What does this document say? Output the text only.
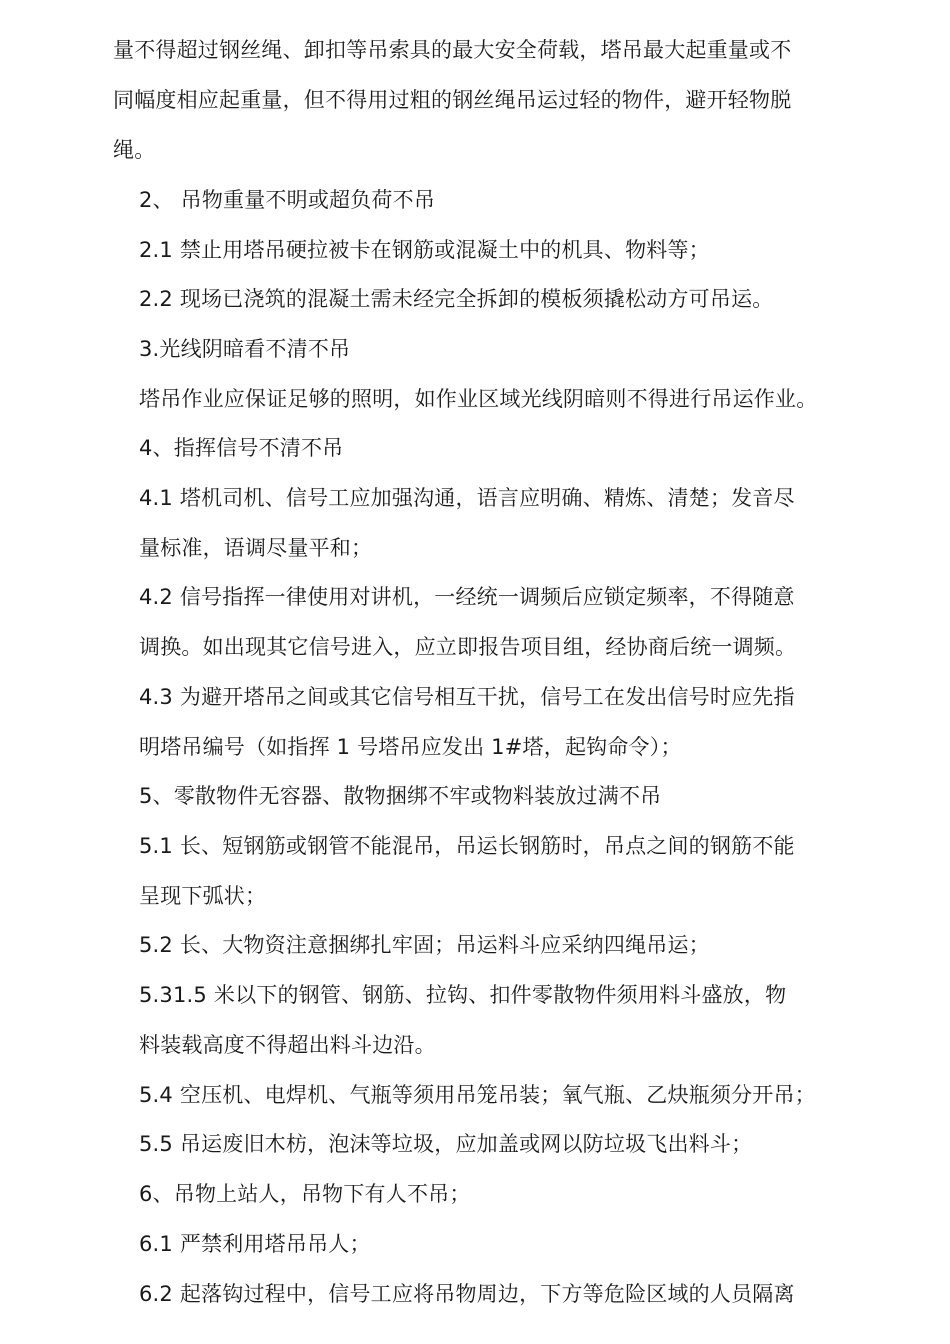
量不得超过钢丝绳、卸扣等吊索具的最大安全荷载，塔吊最大起重量或不
同幅度相应起重量，但不得用过粗的钢丝绳吊运过轻的物件，避开轻物脱
绳。
2、 吊物重量不明或超负荷不吊
2.1 禁止用塔吊硬拉被卡在钢筋或混凝土中的机具、物料等；
2.2 现场已浇筑的混凝土需未经完全拆卸的模板须撬松动方可吊运。
3.光线阴暗看不清不吊
塔吊作业应保证足够的照明，如作业区域光线阴暗则不得进行吊运作业。
4、指挥信号不清不吊
4.1 塔机司机、信号工应加强沟通，语言应明确、精炼、清楚；发音尽
量标准，语调尽量平和；
4.2 信号指挥一律使用对讲机，一经统一调频后应锁定频率，不得随意
调换。如出现其它信号进入，应立即报告项目组，经协商后统一调频。
4.3 为避开塔吊之间或其它信号相互干扰，信号工在发出信号时应先指
明塔吊编号（如指挥 1 号塔吊应发出 1#塔，起钩命令）；
5、零散物件无容器、散物捆绑不牢或物料装放过满不吊
5.1 长、短钢筋或钢管不能混吊，吊运长钢筋时，吊点之间的钢筋不能
呈现下弧状；
5.2 长、大物资注意捆绑扎牢固；吊运料斗应采纳四绳吊运；
5.31.5 米以下的钢管、钢筋、拉钩、扣件零散物件须用料斗盛放，物
料装载高度不得超出料斗边沿。
5.4 空压机、电焊机、气瓶等须用吊笼吊装；氧气瓶、乙炔瓶须分开吊；
5.5 吊运废旧木枋，泡沫等垃圾，应加盖或网以防垃圾飞出料斗；
6、吊物上站人，吊物下有人不吊；
6.1 严禁利用塔吊吊人；
6.2 起落钩过程中，信号工应将吊物周边，下方等危险区域的人员隔离
